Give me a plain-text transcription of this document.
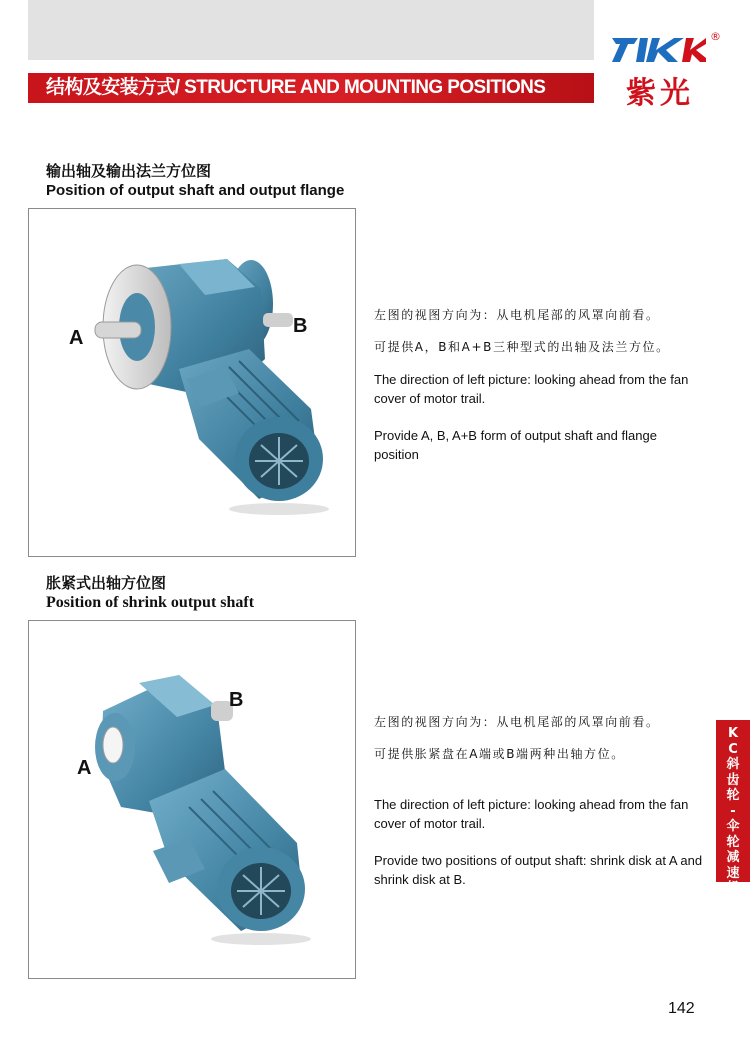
结构及安装方式/ STRUCTURE AND MOUNTING POSITIONS
®
紫光
输出轴及输出法兰方位图
Position of output shaft and output flange
A
B	左图的视图方向为：从电机尾部的风罩向前看。

可提供A，B和A+B三种型式的出轴及法兰方位。

The direction of left picture: looking ahead from the fan cover of motor trail.

Provide A, B, A+B form of output shaft and flange position

胀紧式出轴方位图
Position of shrink output shaft
A
B

左图的视图方向为：从电机尾部的风罩向前看。

可提供胀紧盘在A端或B端两种出轴方位。

The direction of left picture: looking ahead from the fan cover of motor trail.

Provide two positions of output shaft: shrink disk at A and shrink disk at B.

K
C
斜
齿
轮
-
伞
轮
减
速
机
142
